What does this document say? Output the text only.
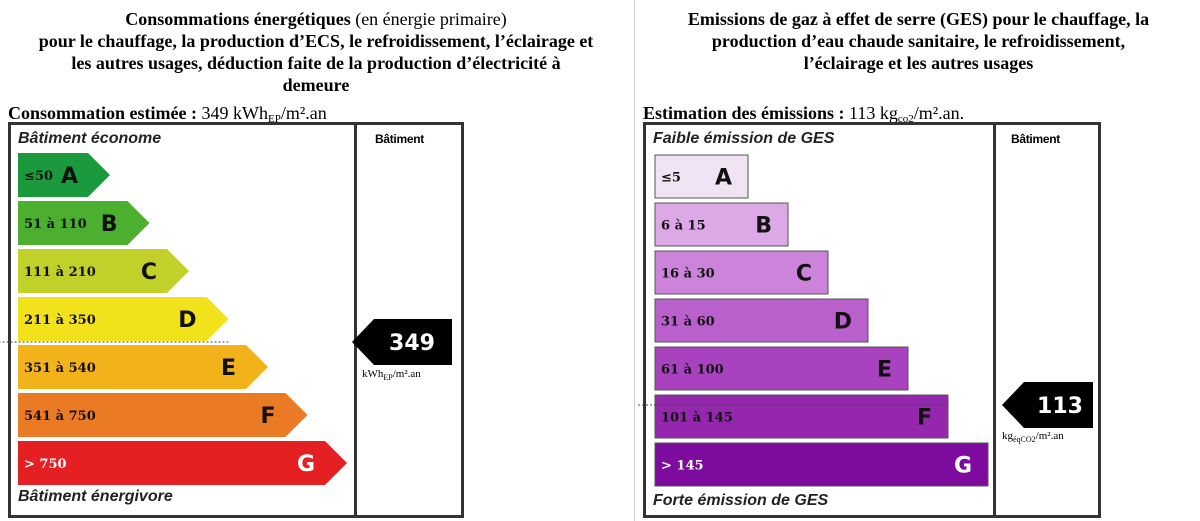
Consommations énergétiques (en énergie primaire)
pour le chauffage, la production d’ECS, le refroidissement, l’éclairage et
les autres usages, déduction faite de la production d’électricité à
demeure
Consommation estimée : 349 kWh$_{EP}$/m².an
Bâtiment
Bâtiment économe
Bâtiment énergivore
≤50 A
51 à 110 B
111 à 210 C
211 à 350	D
351 à 540	E
541 à 750	F
> 750	G
349
kWh$_{EP}$/m².an
Emissions de gaz à effet de serre (GES) pour le chauffage, la
production d’eau chaude sanitaire, le refroidissement,
l’éclairage et les autres usages
Estimation des émissions : 113 $kg_{co2}/m^2.an$.
Bâtiment
Faible émission de GES
Forte émission de GES
≤5 A
6 à 15 B
16 à 30	C
31 à 60	D
61 à 100	E
101 à 145	F
> 145	G
113
$kg_{éqCO2}/m^2.an$
